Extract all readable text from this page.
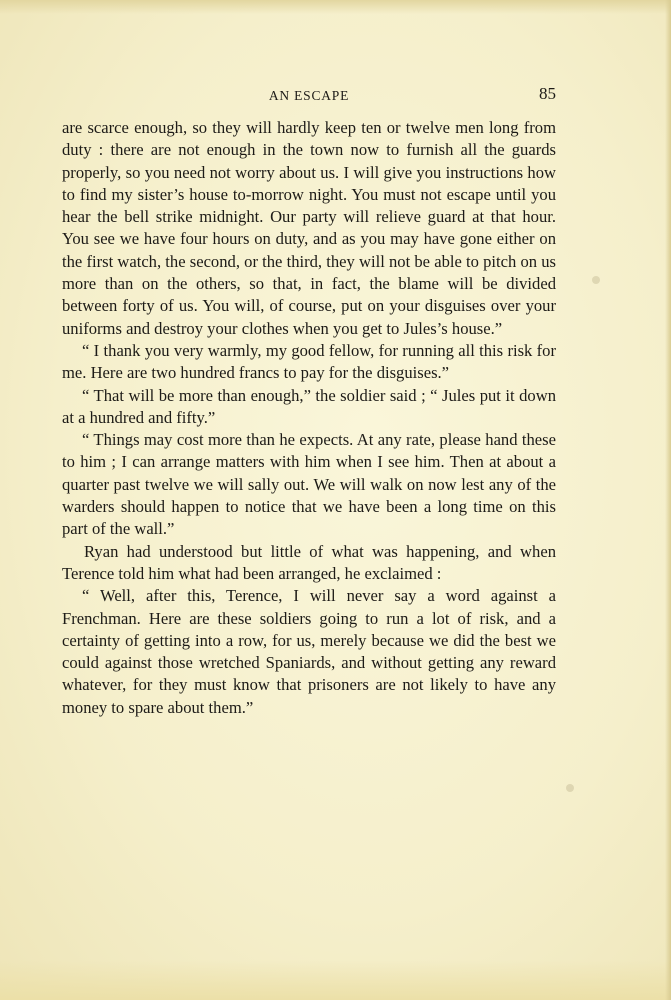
AN ESCAPE	85

are scarce enough, so they will hardly keep ten or twelve men long from duty : there are not enough in the town now to furnish all the guards properly, so you need not worry about us. I will give you instructions how to find my sister’s house to-morrow night. You must not escape until you hear the bell strike midnight. Our party will relieve guard at that hour. You see we have four hours on duty, and as you may have gone either on the first watch, the second, or the third, they will not be able to pitch on us more than on the others, so that, in fact, the blame will be divided between forty of us. You will, of course, put on your disguises over your uniforms and destroy your clothes when you get to Jules’s house.”

“ I thank you very warmly, my good fellow, for running all this risk for me. Here are two hundred francs to pay for the disguises.”

“ That will be more than enough,” the soldier said ; “ Jules put it down at a hundred and fifty.”

“ Things may cost more than he expects. At any rate, please hand these to him ; I can arrange matters with him when I see him. Then at about a quarter past twelve we will sally out. We will walk on now lest any of the warders should happen to notice that we have been a long time on this part of the wall.”

Ryan had understood but little of what was happening, and when Terence told him what had been arranged, he exclaimed :

“ Well, after this, Terence, I will never say a word against a Frenchman. Here are these soldiers going to run a lot of risk, and a certainty of getting into a row, for us, merely because we did the best we could against those wretched Spaniards, and without getting any reward whatever, for they must know that prisoners are not likely to have any money to spare about them.”
